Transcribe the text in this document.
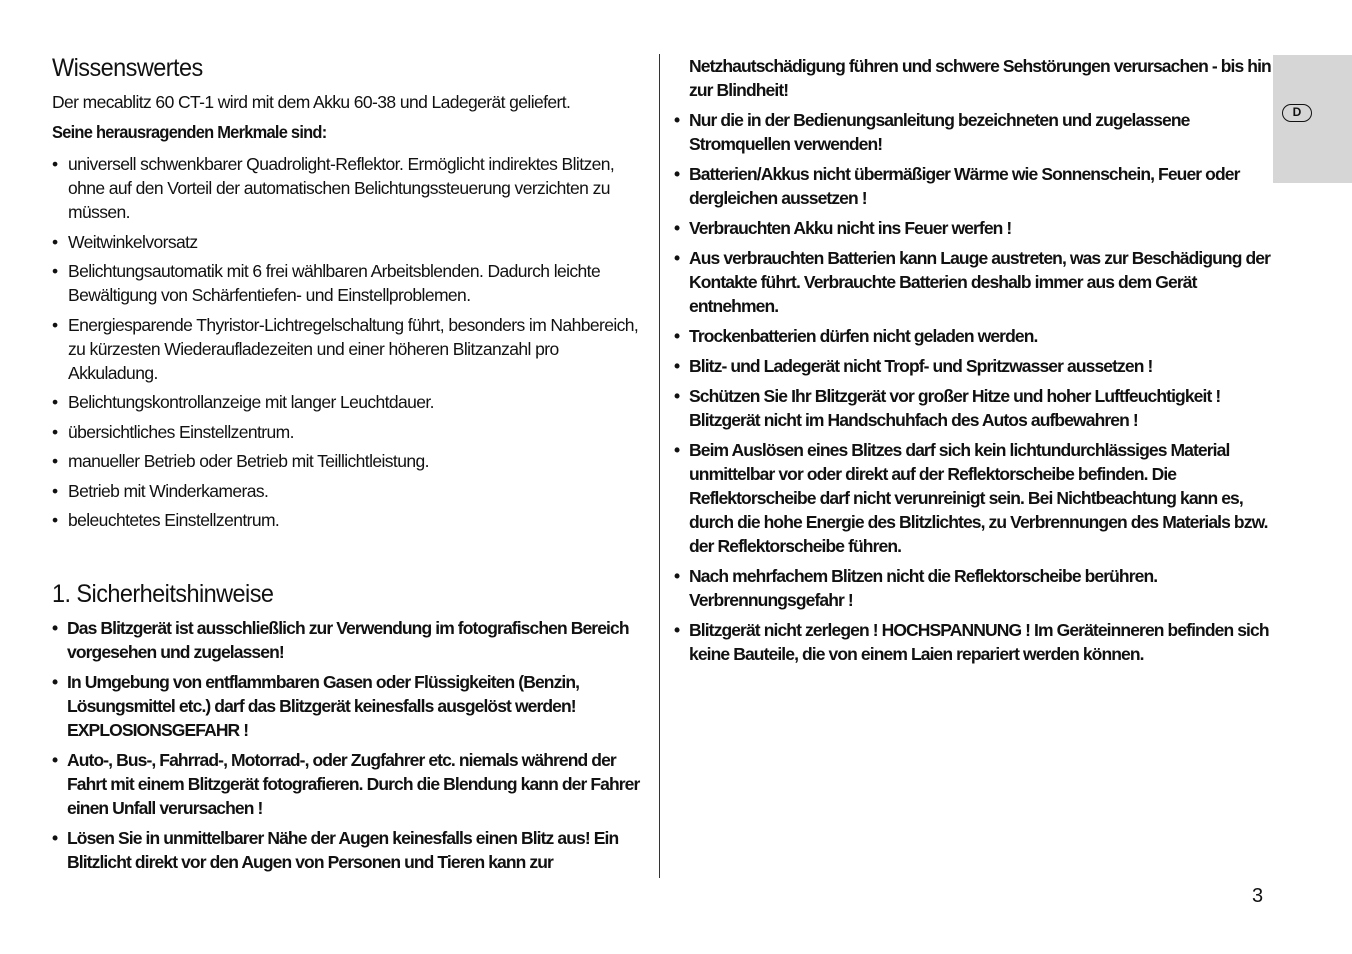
D
Wissenswertes

Der mecablitz 60 CT-1 wird mit dem Akku 60-38 und Ladegerät geliefert.

Seine herausragenden Merkmale sind:

• universell schwenkbarer Quadrolight-Reflektor. Ermöglicht indirektes Blitzen, ohne auf den Vorteil der automatischen Belichtungssteuerung verzichten zu müssen.
• Weitwinkelvorsatz
• Belichtungsautomatik mit 6 frei wählbaren Arbeitsblenden. Dadurch leichte Bewältigung von Schärfentiefen- und Einstellproblemen.
• Energiesparende Thyristor-Lichtregelschaltung führt, besonders im Nahbereich, zu kürzesten Wiederaufladezeiten und einer höheren Blitzanzahl pro Akkuladung.
• Belichtungskontrollanzeige mit langer Leuchtdauer.
• übersichtliches Einstellzentrum.
• manueller Betrieb oder Betrieb mit Teillichtleistung.
• Betrieb mit Winderkameras.
• beleuchtetes Einstellzentrum.
1. Sicherheitshinweise
• Das Blitzgerät ist ausschließlich zur Verwendung im fotografischen Bereich vorgesehen und zugelassen!
• In Umgebung von entflammbaren Gasen oder Flüssigkeiten (Benzin, Lösungsmittel etc.) darf das Blitzgerät keinesfalls ausgelöst werden! EXPLOSIONSGEFAHR !
• Auto-, Bus-, Fahrrad-, Motorrad-, oder Zugfahrer etc. niemals während der Fahrt mit einem Blitzgerät fotografieren. Durch die Blendung kann der Fahrer einen Unfall verursachen !
• Lösen Sie in unmittelbarer Nähe der Augen keinesfalls einen Blitz aus! Ein Blitzlicht direkt vor den Augen von Personen und Tieren kann zur
Netzhautschädigung führen und schwere Sehstörungen verursachen - bis hin zur Blindheit!
• Nur die in der Bedienungsanleitung bezeichneten und zugelassene Stromquellen verwenden!
• Batterien/Akkus nicht übermäßiger Wärme wie Sonnenschein, Feuer oder dergleichen aussetzen !
• Verbrauchten Akku nicht ins Feuer werfen !
• Aus verbrauchten Batterien kann Lauge austreten, was zur Beschädigung der Kontakte führt. Verbrauchte Batterien deshalb immer aus dem Gerät entnehmen.
• Trockenbatterien dürfen nicht geladen werden.
• Blitz- und Ladegerät nicht Tropf- und Spritzwasser aussetzen !
• Schützen Sie Ihr Blitzgerät vor großer Hitze und hoher Luftfeuchtigkeit ! Blitzgerät nicht im Handschuhfach des Autos aufbewahren !
• Beim Auslösen eines Blitzes darf sich kein lichtundurchlässiges Material unmittelbar vor oder direkt auf der Reflektorscheibe befinden. Die Reflektorscheibe darf nicht verunreinigt sein. Bei Nichtbeachtung kann es, durch die hohe Energie des Blitzlichtes, zu Verbrennungen des Materials bzw. der Reflektorscheibe führen.
• Nach mehrfachem Blitzen nicht die Reflektorscheibe berühren. Verbrennungsgefahr !
• Blitzgerät nicht zerlegen ! HOCHSPANNUNG ! Im Geräteinneren befinden sich keine Bauteile, die von einem Laien repariert werden können.
3
